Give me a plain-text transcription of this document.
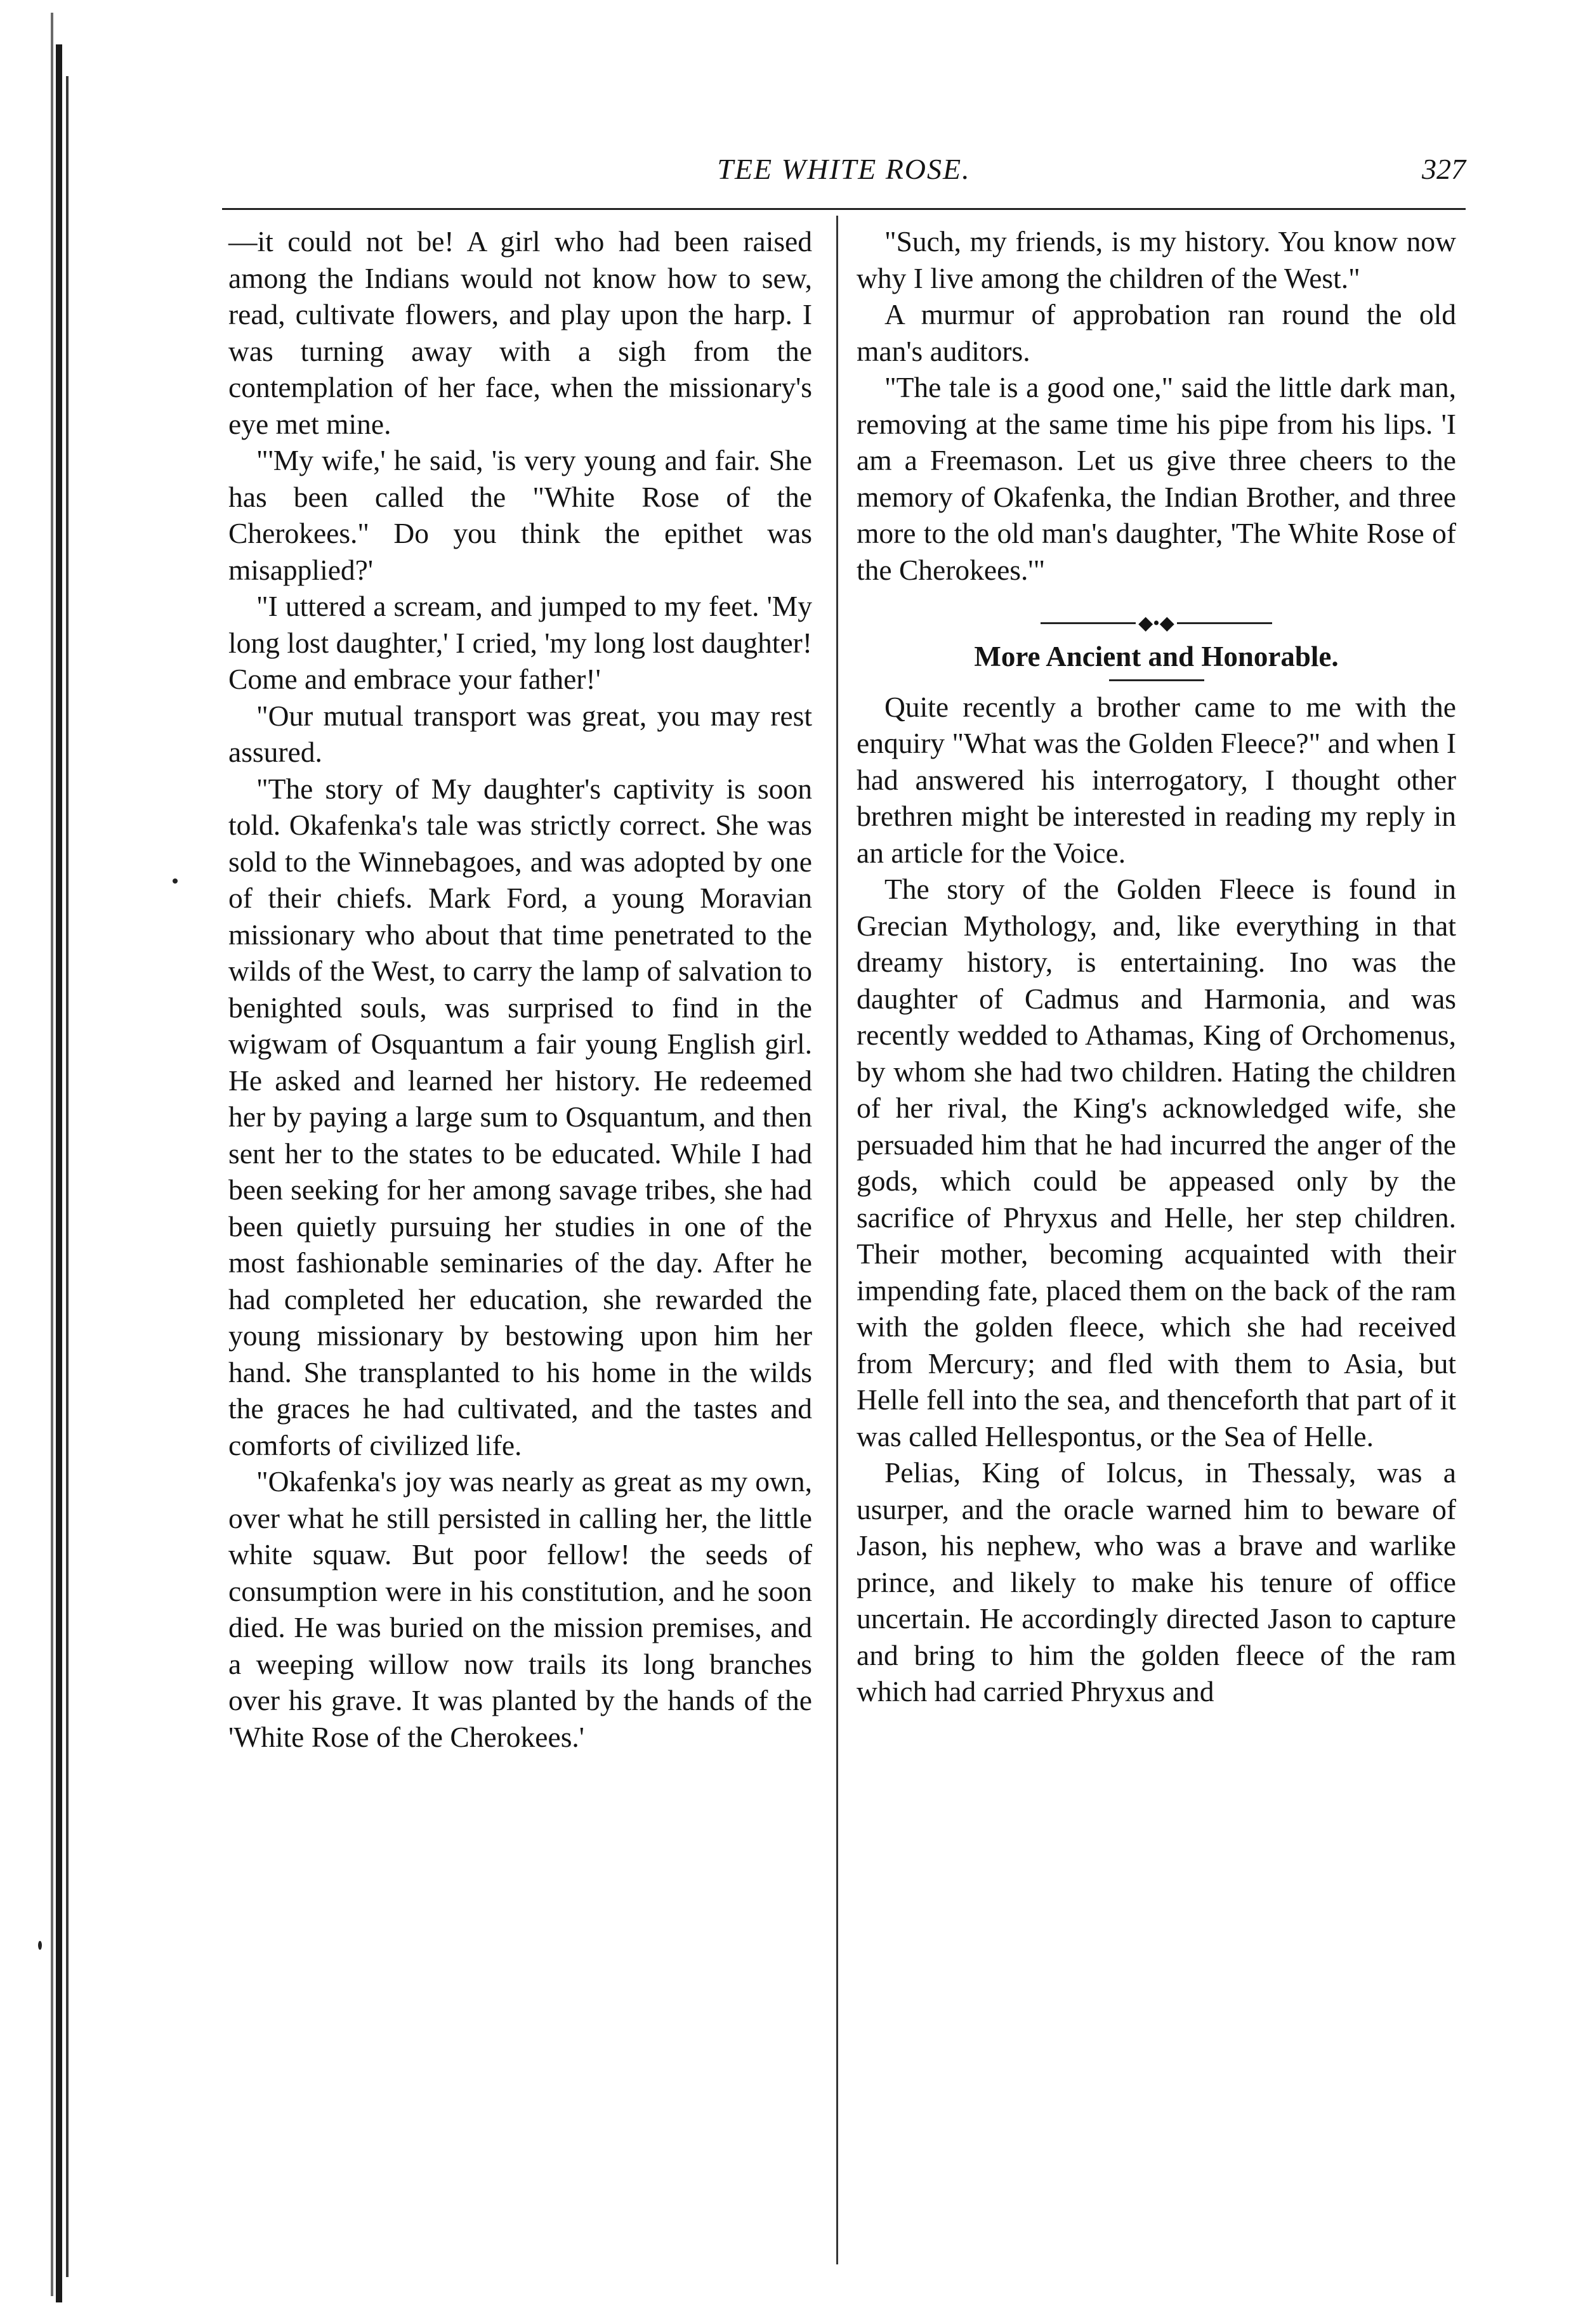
TEE WHITE ROSE.	327

—it could not be! A girl who had been raised among the Indians would not know how to sew, read, cultivate flowers, and play upon the harp. I was turning away with a sigh from the contemplation of her face, when the missionary's eye met mine.

"'My wife,' he said, 'is very young and fair. She has been called the "White Rose of the Cherokees." Do you think the epithet was misapplied?'

"I uttered a scream, and jumped to my feet. 'My long lost daughter,' I cried, 'my long lost daughter! Come and embrace your father!'

"Our mutual transport was great, you may rest assured.

"The story of My daughter's captivity is soon told. Okafenka's tale was strictly correct. She was sold to the Winnebagoes, and was adopted by one of their chiefs. Mark Ford, a young Moravian missionary who about that time penetrated to the wilds of the West, to carry the lamp of salvation to benighted souls, was surprised to find in the wigwam of Osquantum a fair young English girl. He asked and learned her history. He redeemed her by paying a large sum to Osquantum, and then sent her to the states to be educated. While I had been seeking for her among savage tribes, she had been quietly pursuing her studies in one of the most fashionable seminaries of the day. After he had completed her education, she rewarded the young missionary by bestowing upon him her hand. She transplanted to his home in the wilds the graces he had cultivated, and the tastes and comforts of civilized life.

"Okafenka's joy was nearly as great as my own, over what he still persisted in calling her, the little white squaw. But poor fellow! the seeds of consumption were in his constitution, and he soon died. He was buried on the mission premises, and a weeping willow now trails its long branches over his grave. It was planted by the hands of the 'White Rose of the Cherokees.'

"Such, my friends, is my history. You know now why I live among the children of the West."

A murmur of approbation ran round the old man's auditors.

"The tale is a good one," said the little dark man, removing at the same time his pipe from his lips. 'I am a Freemason. Let us give three cheers to the memory of Okafenka, the Indian Brother, and three more to the old man's daughter, 'The White Rose of the Cherokees.'"

◆•◆
More Ancient and Honorable.

Quite recently a brother came to me with the enquiry "What was the Golden Fleece?" and when I had answered his interrogatory, I thought other brethren might be interested in reading my reply in an article for the Voice.

The story of the Golden Fleece is found in Grecian Mythology, and, like everything in that dreamy history, is entertaining. Ino was the daughter of Cadmus and Harmonia, and was recently wedded to Athamas, King of Orchomenus, by whom she had two children. Hating the children of her rival, the King's acknowledged wife, she persuaded him that he had incurred the anger of the gods, which could be appeased only by the sacrifice of Phryxus and Helle, her step children. Their mother, becoming acquainted with their impending fate, placed them on the back of the ram with the golden fleece, which she had received from Mercury; and fled with them to Asia, but Helle fell into the sea, and thenceforth that part of it was called Hellespontus, or the Sea of Helle.

Pelias, King of Iolcus, in Thessaly, was a usurper, and the oracle warned him to beware of Jason, his nephew, who was a brave and warlike prince, and likely to make his tenure of office uncertain. He accordingly directed Jason to capture and bring to him the golden fleece of the ram which had carried Phryxus and
